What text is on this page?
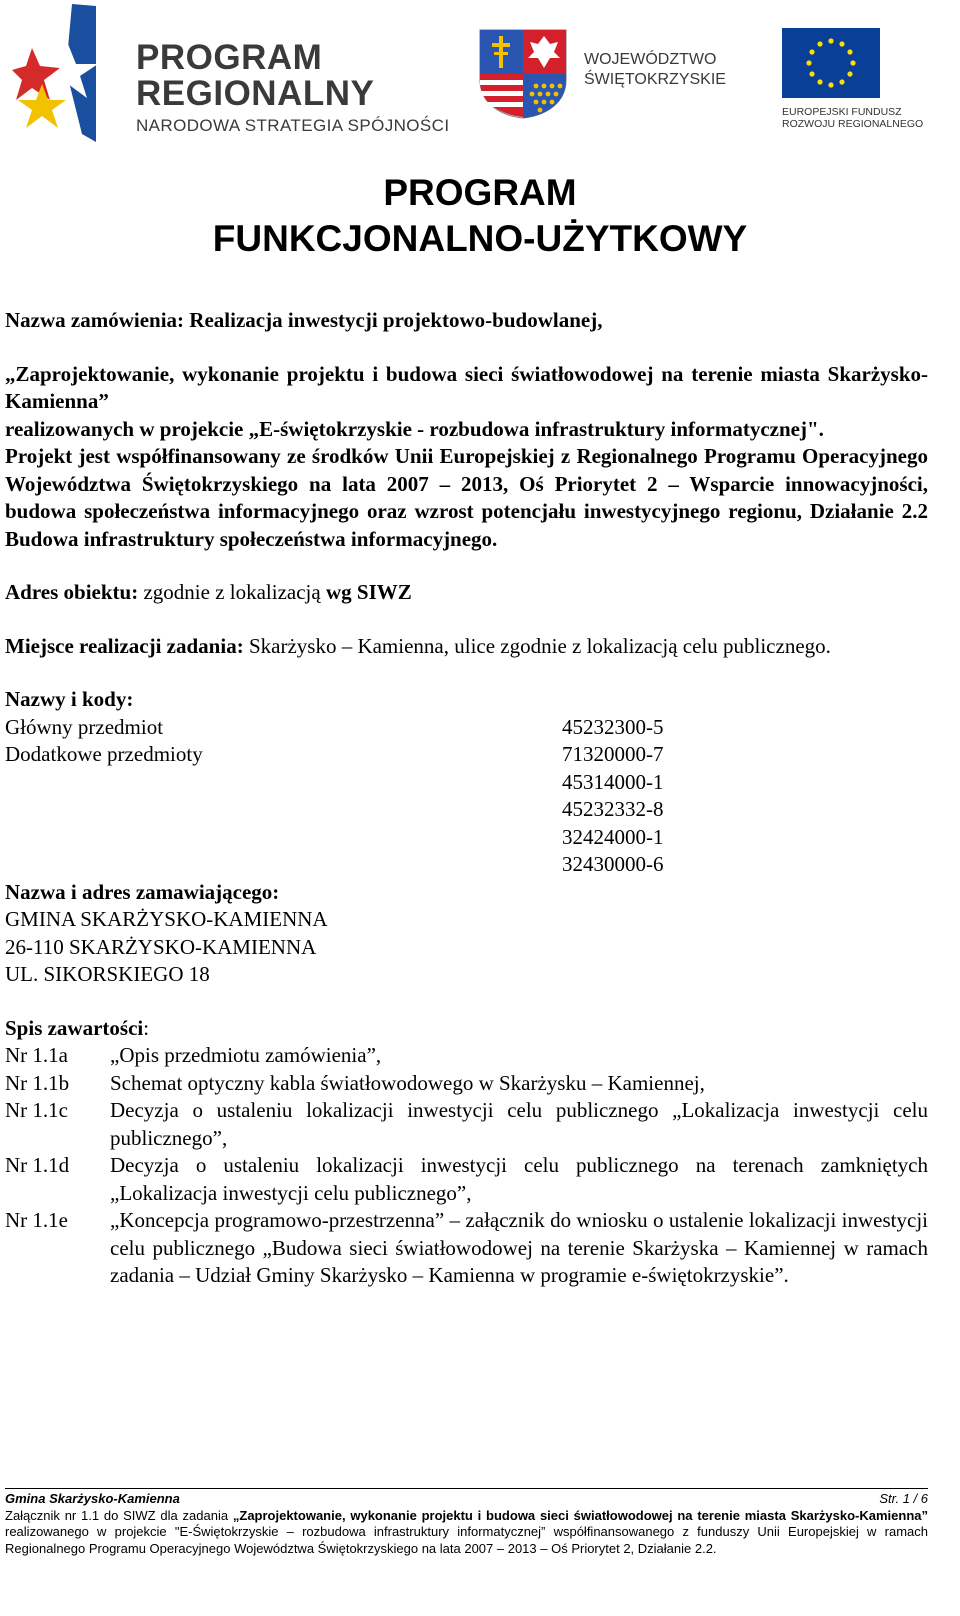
PROGRAM
REGIONALNY
NARODOWA STRATEGIA SPÓJNOŚCI
WOJEWÓDZTWO
ŚWIĘTOKRZYSKIE
EUROPEJSKI FUNDUSZ
ROZWOJU REGIONALNEGO
PROGRAM
FUNKCJONALNO-UŻYTKOWY

Nazwa zamówienia: Realizacja inwestycji projektowo-budowlanej,

„Zaprojektowanie, wykonanie projektu i budowa sieci światłowodowej na terenie miasta Skarżysko-Kamienna”

realizowanych w projekcie „E-świętokrzyskie - rozbudowa infrastruktury informatycznej".

Projekt jest współfinansowany ze środków Unii Europejskiej z Regionalnego Programu Operacyjnego Województwa Świętokrzyskiego na lata 2007 – 2013, Oś Priorytet 2 – Wsparcie innowacyjności, budowa społeczeństwa informacyjnego oraz wzrost potencjału inwestycyjnego regionu, Działanie 2.2 Budowa infrastruktury społeczeństwa informacyjnego.

Adres obiektu: zgodnie z lokalizacją wg SIWZ

Miejsce realizacji zadania: Skarżysko – Kamienna, ulice zgodnie z lokalizacją celu publicznego.

Nazwy i kody:

Główny przedmiot	45232300-5
Dodatkowe przedmioty	71320000-7
45314000-1
45232332-8
32424000-1
32430000-6

Nazwa i adres zamawiającego:

GMINA SKARŻYSKO-KAMIENNA

26-110 SKARŻYSKO-KAMIENNA

UL. SIKORSKIEGO 18

Spis zawartości:

Nr 1.1a	„Opis przedmiotu zamówienia”,
Nr 1.1b	Schemat optyczny kabla światłowodowego w Skarżysku – Kamiennej,
Nr 1.1c	Decyzja o ustaleniu lokalizacji inwestycji celu publicznego „Lokalizacja inwestycji celu publicznego”,
Nr 1.1d	Decyzja o ustaleniu lokalizacji inwestycji celu publicznego na terenach zamkniętych „Lokalizacja inwestycji celu publicznego”,
Nr 1.1e	„Koncepcja programowo-przestrzenna” – załącznik do wniosku o ustalenie lokalizacji inwestycji celu publicznego „Budowa sieci światłowodowej na terenie Skarżyska – Kamiennej w ramach zadania – Udział Gminy Skarżysko – Kamienna w programie e-świętokrzyskie”.
Gmina Skarżysko-Kamienna	Str. 1 / 6
Załącznik nr 1.1 do SIWZ dla zadania „Zaprojektowanie, wykonanie projektu i budowa sieci światłowodowej na terenie miasta Skarżysko-Kamienna” realizowanego w projekcie "E-Świętokrzyskie – rozbudowa infrastruktury informatycznej” współfinansowanego z funduszy Unii Europejskiej w ramach Regionalnego Programu Operacyjnego Województwa Świętokrzyskiego na lata 2007 – 2013 – Oś Priorytet 2, Działanie 2.2.
